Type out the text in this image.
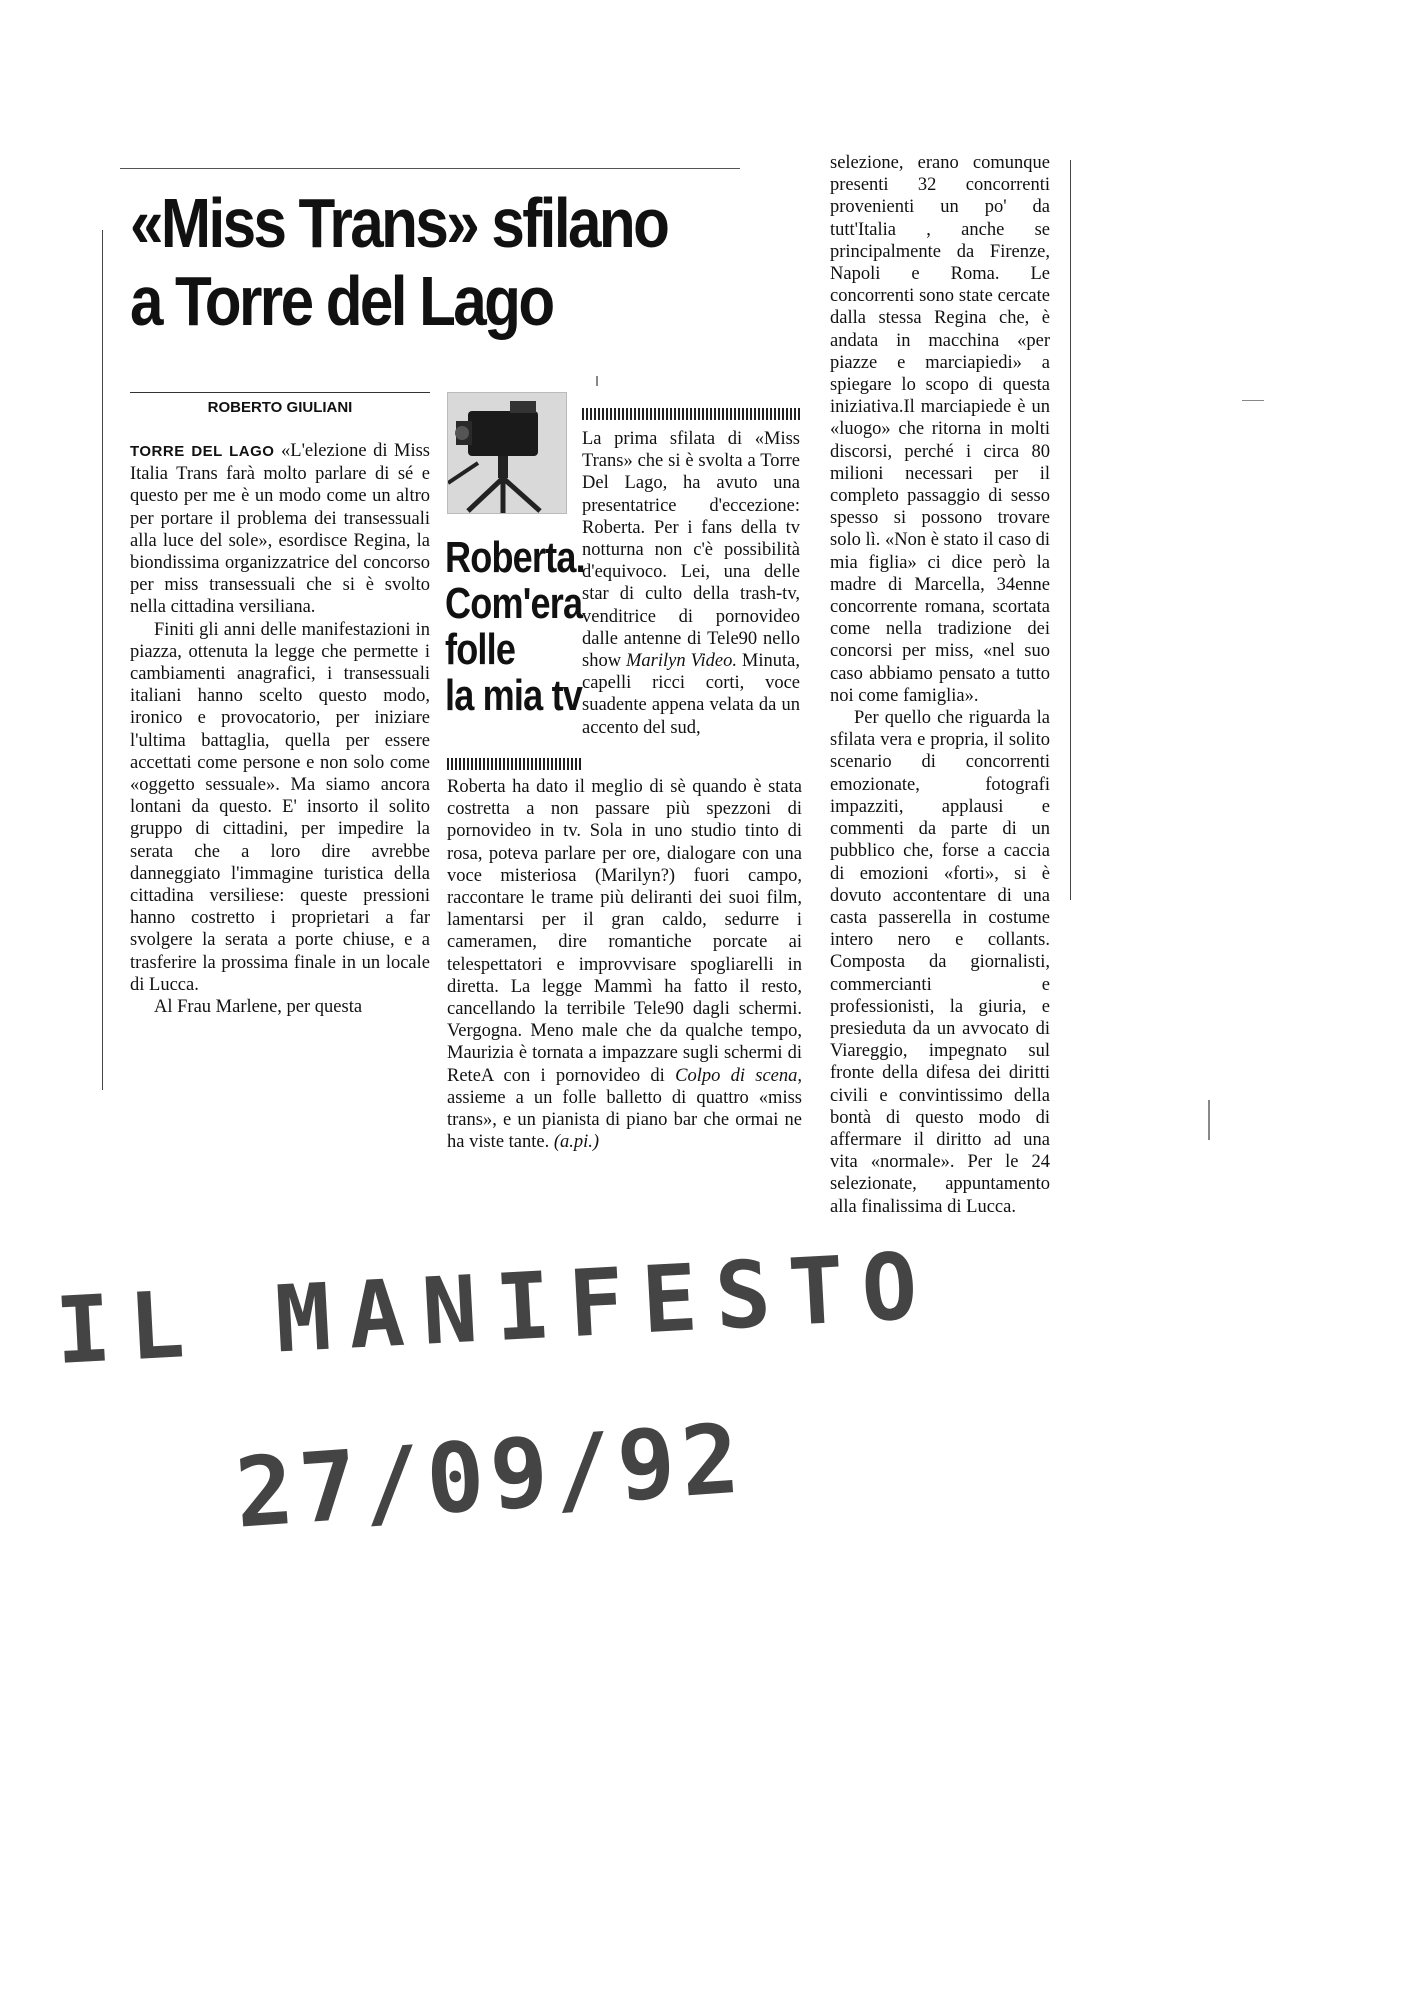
«Miss Trans» sfilano
a Torre del Lago
ROBERTO GIULIANI

TORRE DEL LAGO «L'elezione di Miss Italia Trans farà molto parlare di sé e questo per me è un modo come un altro per portare il problema dei transessuali alla luce del sole», esordisce Regina, la biondissima organizzatrice del concorso per miss transessuali che si è svolto nella cittadina versiliana.

Finiti gli anni delle manifestazioni in piazza, ottenuta la legge che permette i cambiamenti anagrafici, i transessuali italiani hanno scelto questo modo, ironico e provocatorio, per iniziare l'ultima battaglia, quella per essere accettati come persone e non solo come «oggetto sessuale». Ma siamo ancora lontani da questo. E' insorto il solito gruppo di cittadini, per impedire la serata che a loro dire avrebbe danneggiato l'immagine turistica della cittadina versiliese: queste pressioni hanno costretto i proprietari a far svolgere la serata a porte chiuse, e a trasferire la prossima finale in un locale di Lucca.

Al Frau Marlene, per questa

Roberta.
Com'era
folle
la mia tv

La prima sfilata di «Miss Trans» che si è svolta a Torre Del Lago, ha avuto una presentatrice d'eccezione: Roberta. Per i fans della tv notturna non c'è possibilità d'equivoco. Lei, una delle star di culto della trash-tv, venditrice di pornovideo dalle antenne di Tele90 nello show Marilyn Video. Minuta, capelli ricci corti, voce suadente appena velata da un accento del sud,

Roberta ha dato il meglio di sè quando è stata costretta a non passare più spezzoni di pornovideo in tv. Sola in uno studio tinto di rosa, poteva parlare per ore, dialogare con una voce misteriosa (Marilyn?) fuori campo, raccontare le trame più deliranti dei suoi film, lamentarsi per il gran caldo, sedurre i cameramen, dire romantiche porcate ai telespettatori e improvvisare spogliarelli in diretta. La legge Mammì ha fatto il resto, cancellando la terribile Tele90 dagli schermi. Vergogna. Meno male che da qualche tempo, Maurizia è tornata a impazzare sugli schermi di ReteA con i pornovideo di Colpo di scena, assieme a un folle balletto di quattro «miss trans», e un pianista di piano bar che ormai ne ha viste tante. (a.pi.)

selezione, erano comunque presenti 32 concorrenti provenienti un po' da tutt'Italia , anche se principalmente da Firenze, Napoli e Roma. Le concorrenti sono state cercate dalla stessa Regina che, è andata in macchina «per piazze e marciapiedi» a spiegare lo scopo di questa iniziativa.Il marciapiede è un «luogo» che ritorna in molti discorsi, perché i circa 80 milioni necessari per il completo passaggio di sesso spesso si possono trovare solo lì. «Non è stato il caso di mia figlia» ci dice però la madre di Marcella, 34enne concorrente romana, scortata come nella tradizione dei concorsi per miss, «nel suo caso abbiamo pensato a tutto noi come famiglia».

Per quello che riguarda la sfilata vera e propria, il solito scenario di concorrenti emozionate, fotografi impazziti, applausi e commenti da parte di un pubblico che, forse a caccia di emozioni «forti», si è dovuto accontentare di una casta passerella in costume intero nero e collants. Composta da giornalisti, commercianti e professionisti, la giuria, e presieduta da un avvocato di Viareggio, impegnato sul fronte della difesa dei diritti civili e convintissimo della bontà di questo modo di affermare il diritto ad una vita «normale». Per le 24 selezionate, appuntamento alla finalissima di Lucca.

IL MANIFESTO
27/09/92
